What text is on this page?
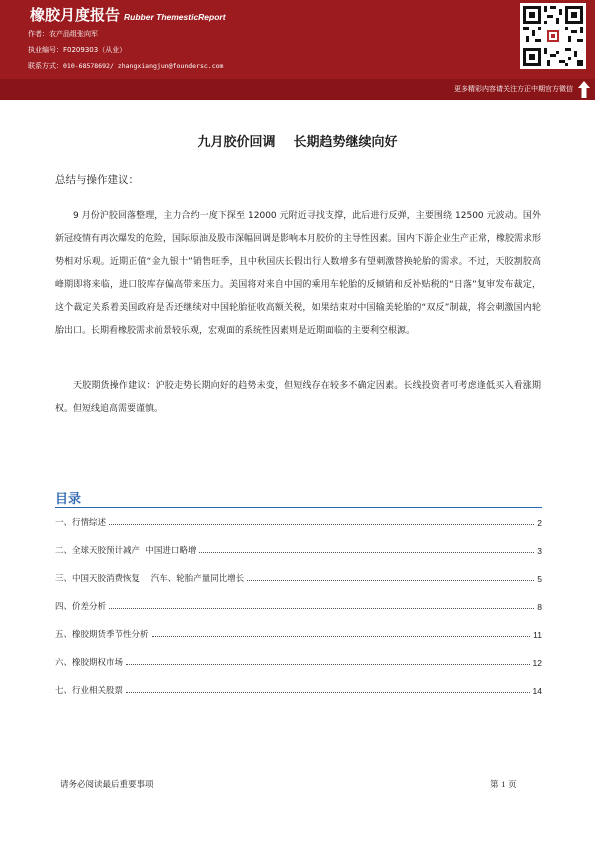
橡胶月度报告 Rubber ThemesticReport
作者：农产品组张向军
执业编号：F0209303（从业）
联系方式：010-68578692/ zhangxiangjun@foundersc.com
更多精彩内容请关注方正中期官方微信
九月胶价回调    长期趋势继续向好
总结与操作建议：
9 月份沪胶回落整理，主力合约一度下探至 12000 元附近寻找支撑，此后进行反弹，主要围绕 12500 元波动。国外新冠疫情有再次爆发的危险，国际原油及股市深幅回调是影响本月胶价的主导性因素。国内下游企业生产正常，橡胶需求形势相对乐观。近期正值“金九银十”销售旺季，且中秋国庆长假出行人数增多有望刺激替换轮胎的需求。不过，天胶割胶高峰期即将来临，进口胶库存偏高带来压力。美国将对来自中国的乘用车轮胎的反倾销和反补贴税的“日落”复审发布裁定，这个裁定关系着美国政府是否还继续对中国轮胎征收高额关税，如果结束对中国输美轮胎的“双反”制裁，将会刺激国内轮胎出口。长期看橡胶需求前景较乐观，宏观面的系统性因素则是近期面临的主要利空根源。
天胶期货操作建议：沪胶走势长期向好的趋势未变，但短线存在较多不确定因素。长线投资者可考虑逢低买入看涨期权。但短线追高需要谨慎。
目录
一、行情综述	2
二、全球天胶预计减产  中国进口略增	3
三、中国天胶消费恢复    汽车、轮胎产量同比增长	5
四、价差分析	8
五、橡胶期货季节性分析	11
六、橡胶期权市场	12
七、行业相关股票	14
请务必阅读最后重要事项	第 1 页
